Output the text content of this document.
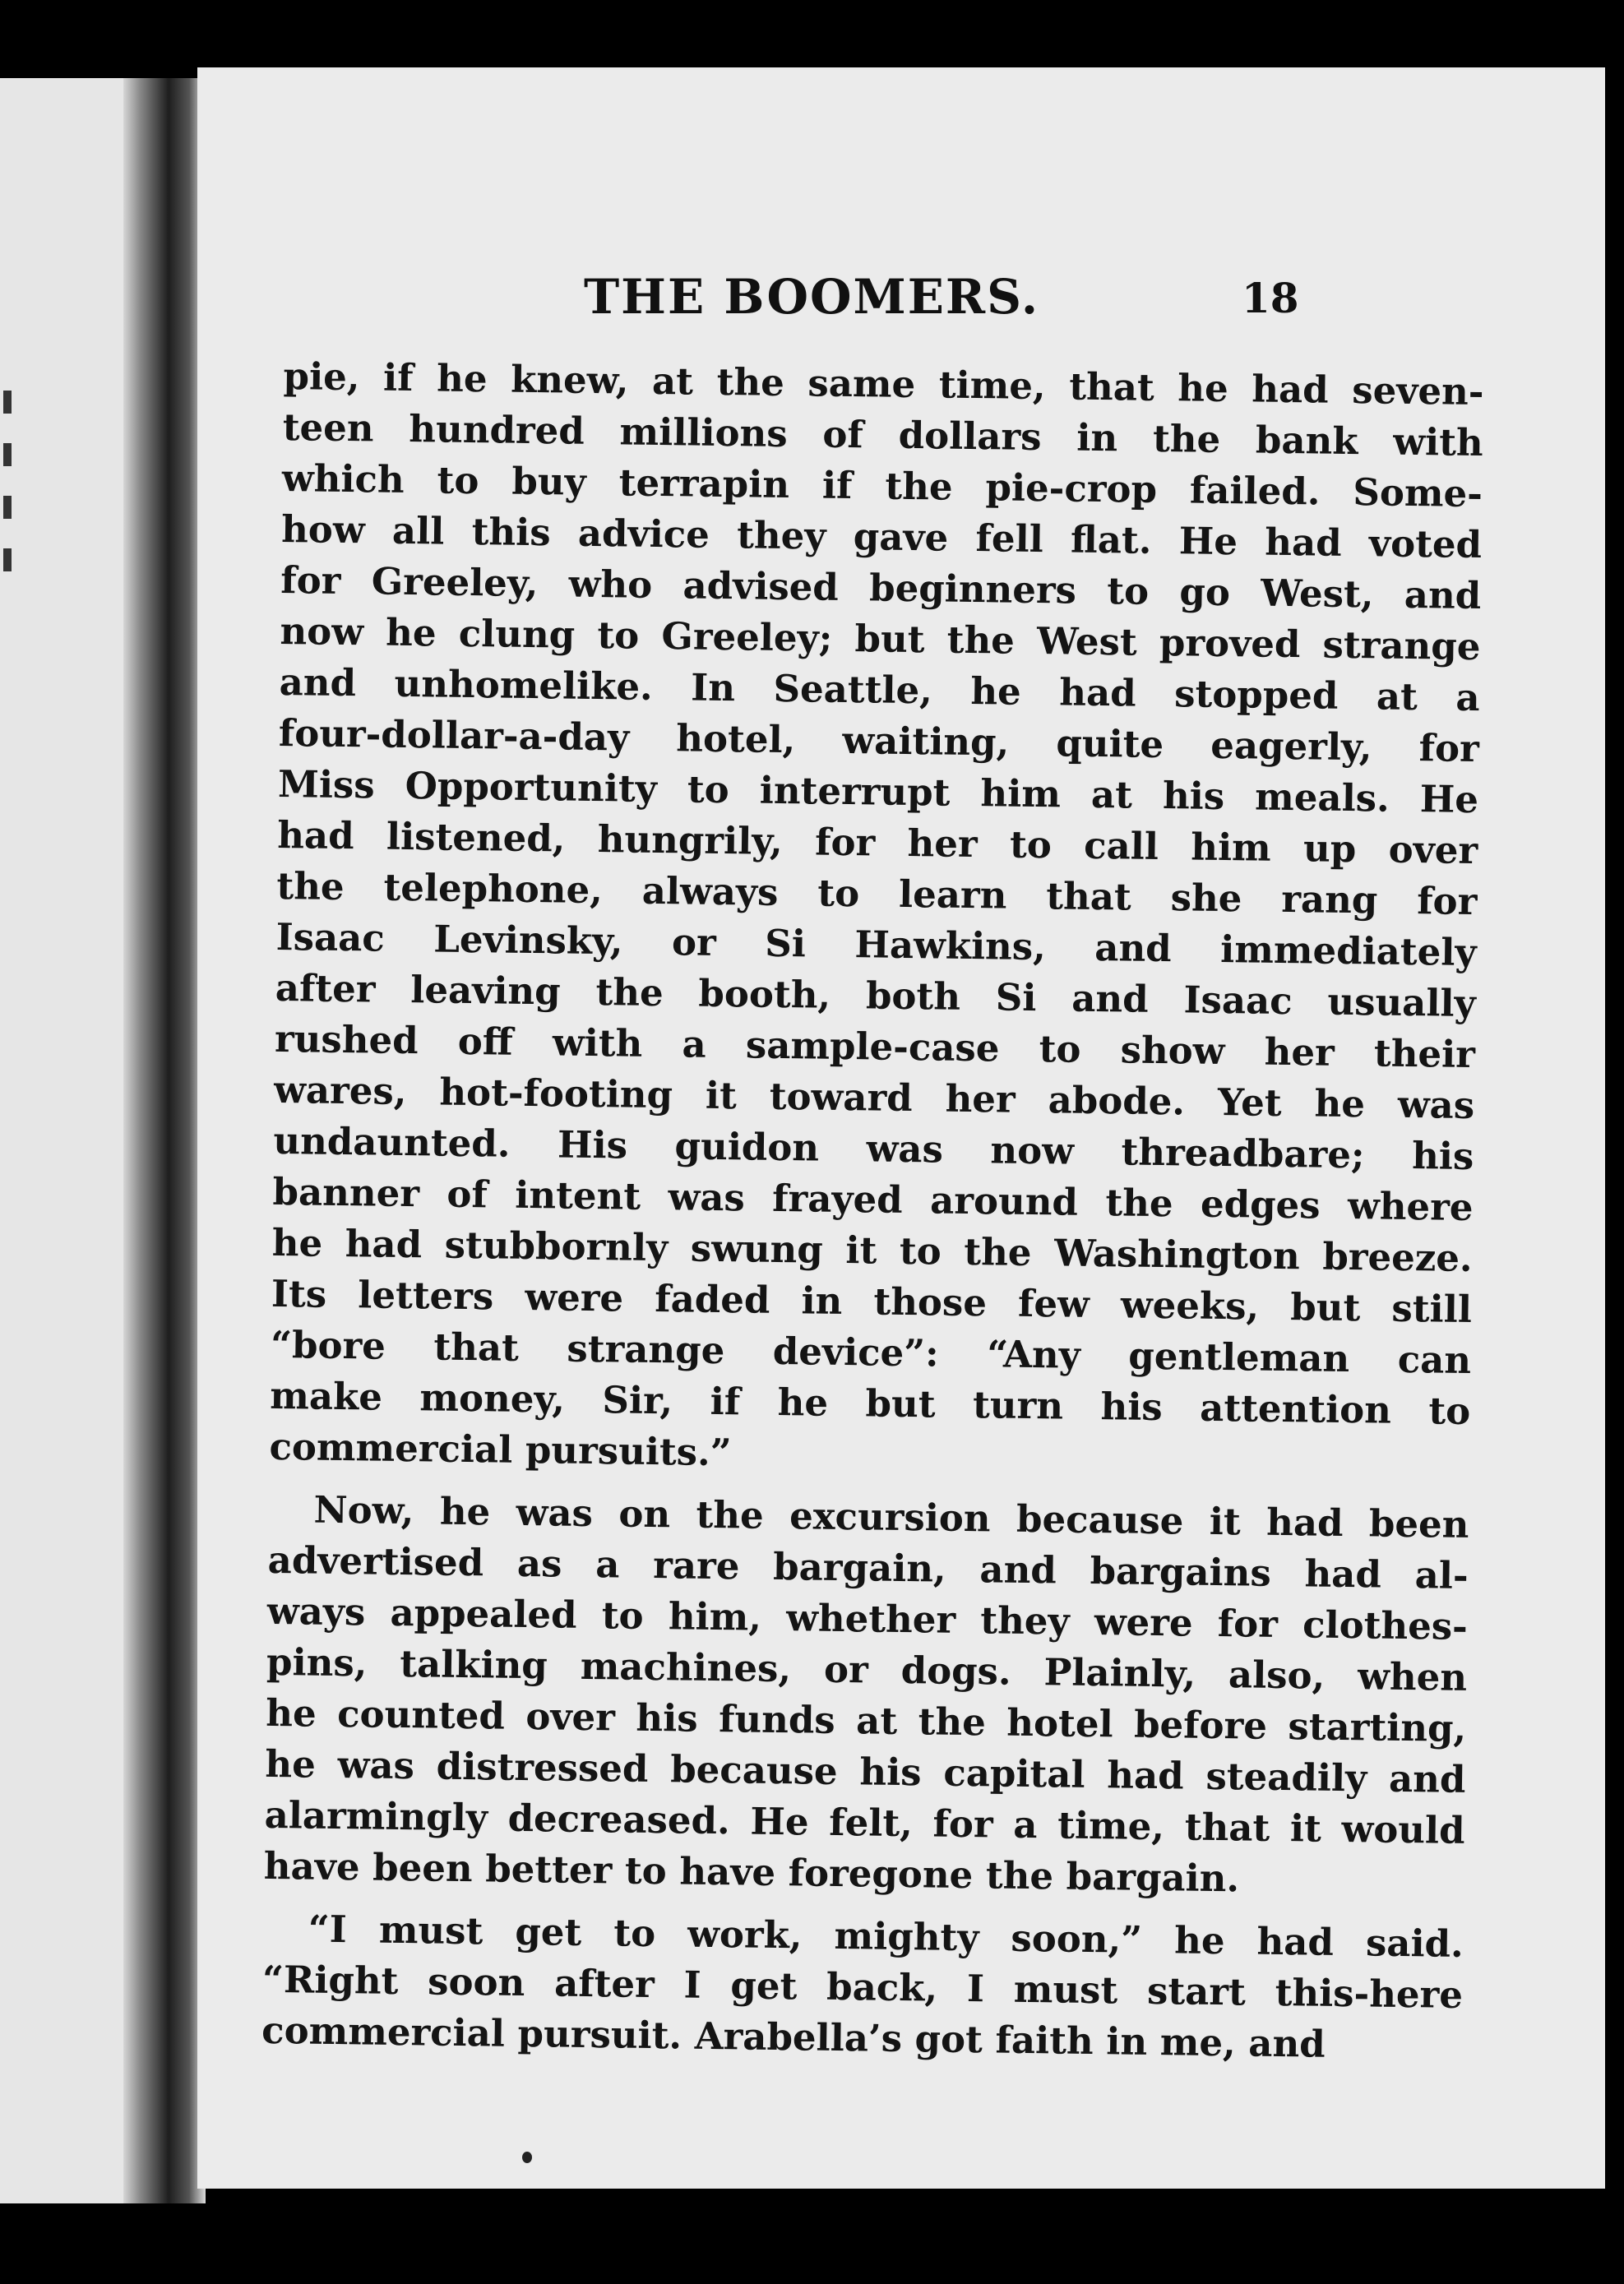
THE BOOMERS.	18
pie, if he knew, at the same time, that he had seven-
teen hundred millions of dollars in the bank with
which to buy terrapin if the pie-crop failed. Some-
how all this advice they gave fell flat. He had voted
for Greeley, who advised beginners to go West, and
now he clung to Greeley; but the West proved strange
and unhomelike. In Seattle, he had stopped at a
four-dollar-a-day hotel, waiting, quite eagerly, for
Miss Opportunity to interrupt him at his meals. He
had listened, hungrily, for her to call him up over
the telephone, always to learn that she rang for
Isaac Levinsky, or Si Hawkins, and immediately
after leaving the booth, both Si and Isaac usually
rushed off with a sample-case to show her their
wares, hot-footing it toward her abode. Yet he was
undaunted. His guidon was now threadbare; his
banner of intent was frayed around the edges where
he had stubbornly swung it to the Washington breeze.
Its letters were faded in those few weeks, but still
“bore that strange device”: “Any gentleman can
make money, Sir, if he but turn his attention to
commercial pursuits.”
Now, he was on the excursion because it had been
advertised as a rare bargain, and bargains had al-
ways appealed to him, whether they were for clothes-
pins, talking machines, or dogs. Plainly, also, when
he counted over his funds at the hotel before starting,
he was distressed because his capital had steadily and
alarmingly decreased. He felt, for a time, that it would
have been better to have foregone the bargain.
“I must get to work, mighty soon,” he had said.
“Right soon after I get back, I must start this-here
commercial pursuit. Arabella’s got faith in me, and
